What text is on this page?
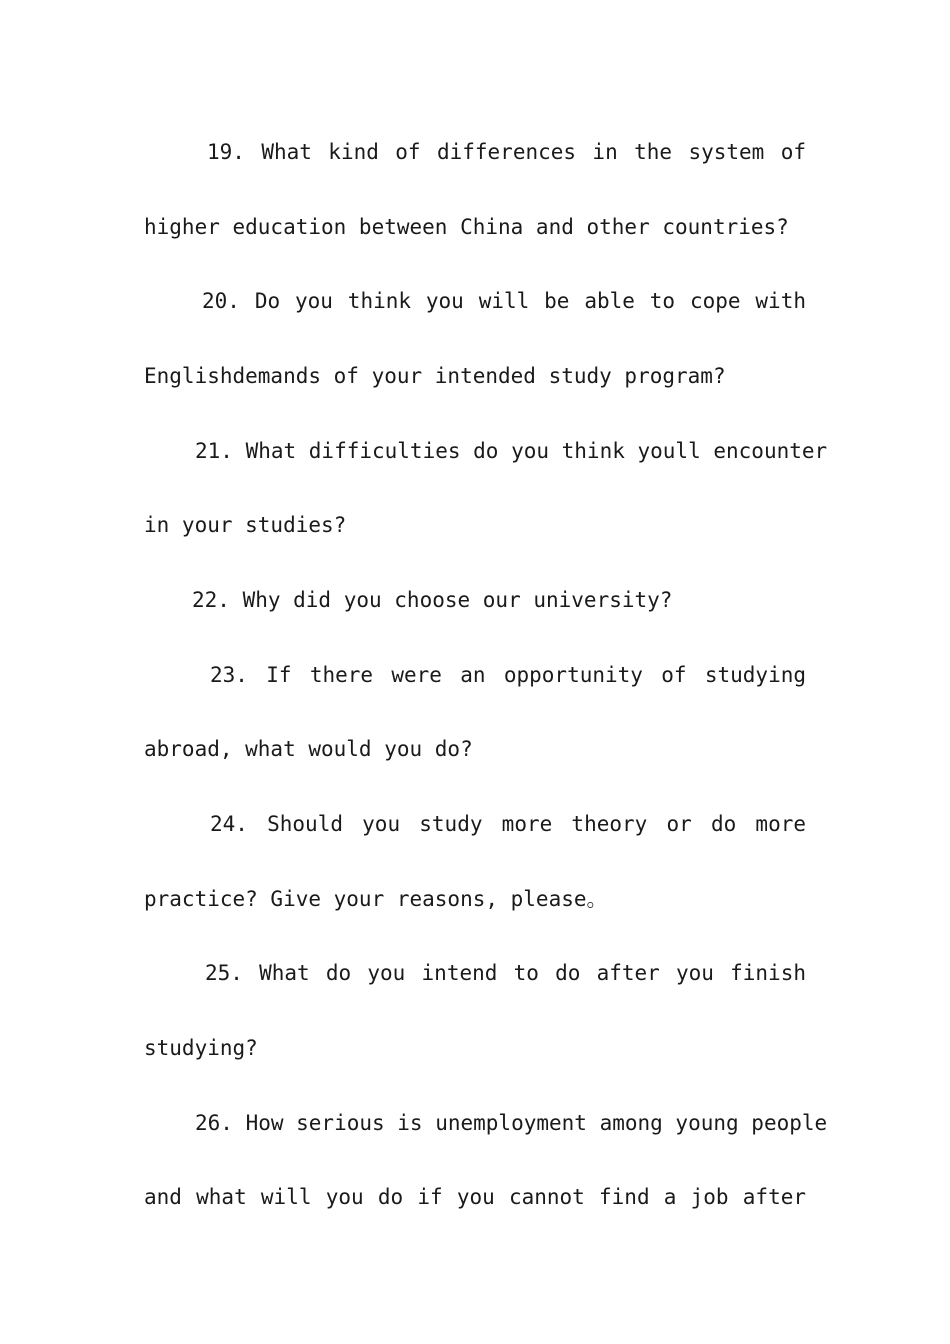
19. What kind of differences in the system of
higher education between China and other countries?
20. Do you think you will be able to cope with
Englishdemands of your intended study program?
21. What difficulties do you think youll encounter
in your studies?
22. Why did you choose our university?
23. If there were an opportunity of studying
abroad, what would you do?
24. Should you study more theory or do more
practice? Give your reasons, please。
25. What do you intend to do after you finish
studying?
26. How serious is unemployment among young people
and what will you do if you cannot find a job after
